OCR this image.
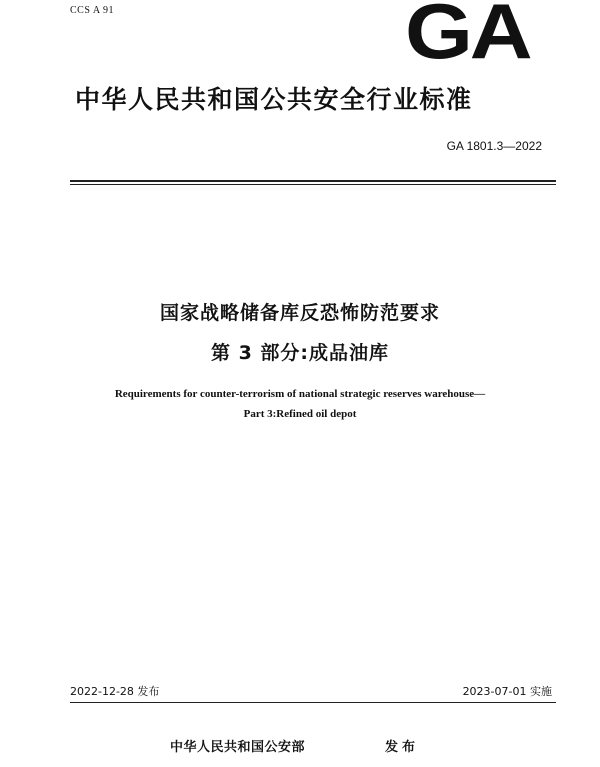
CCS A 91	GA
中华人民共和国公共安全行业标准
GA 1801.3—2022
国家战略储备库反恐怖防范要求
第 3 部分:成品油库
Requirements for counter-terrorism of national strategic reserves warehouse—
Part 3:Refined oil depot
2022-12-28 发布	2023-07-01 实施
中华人民共和国公安部	发布
